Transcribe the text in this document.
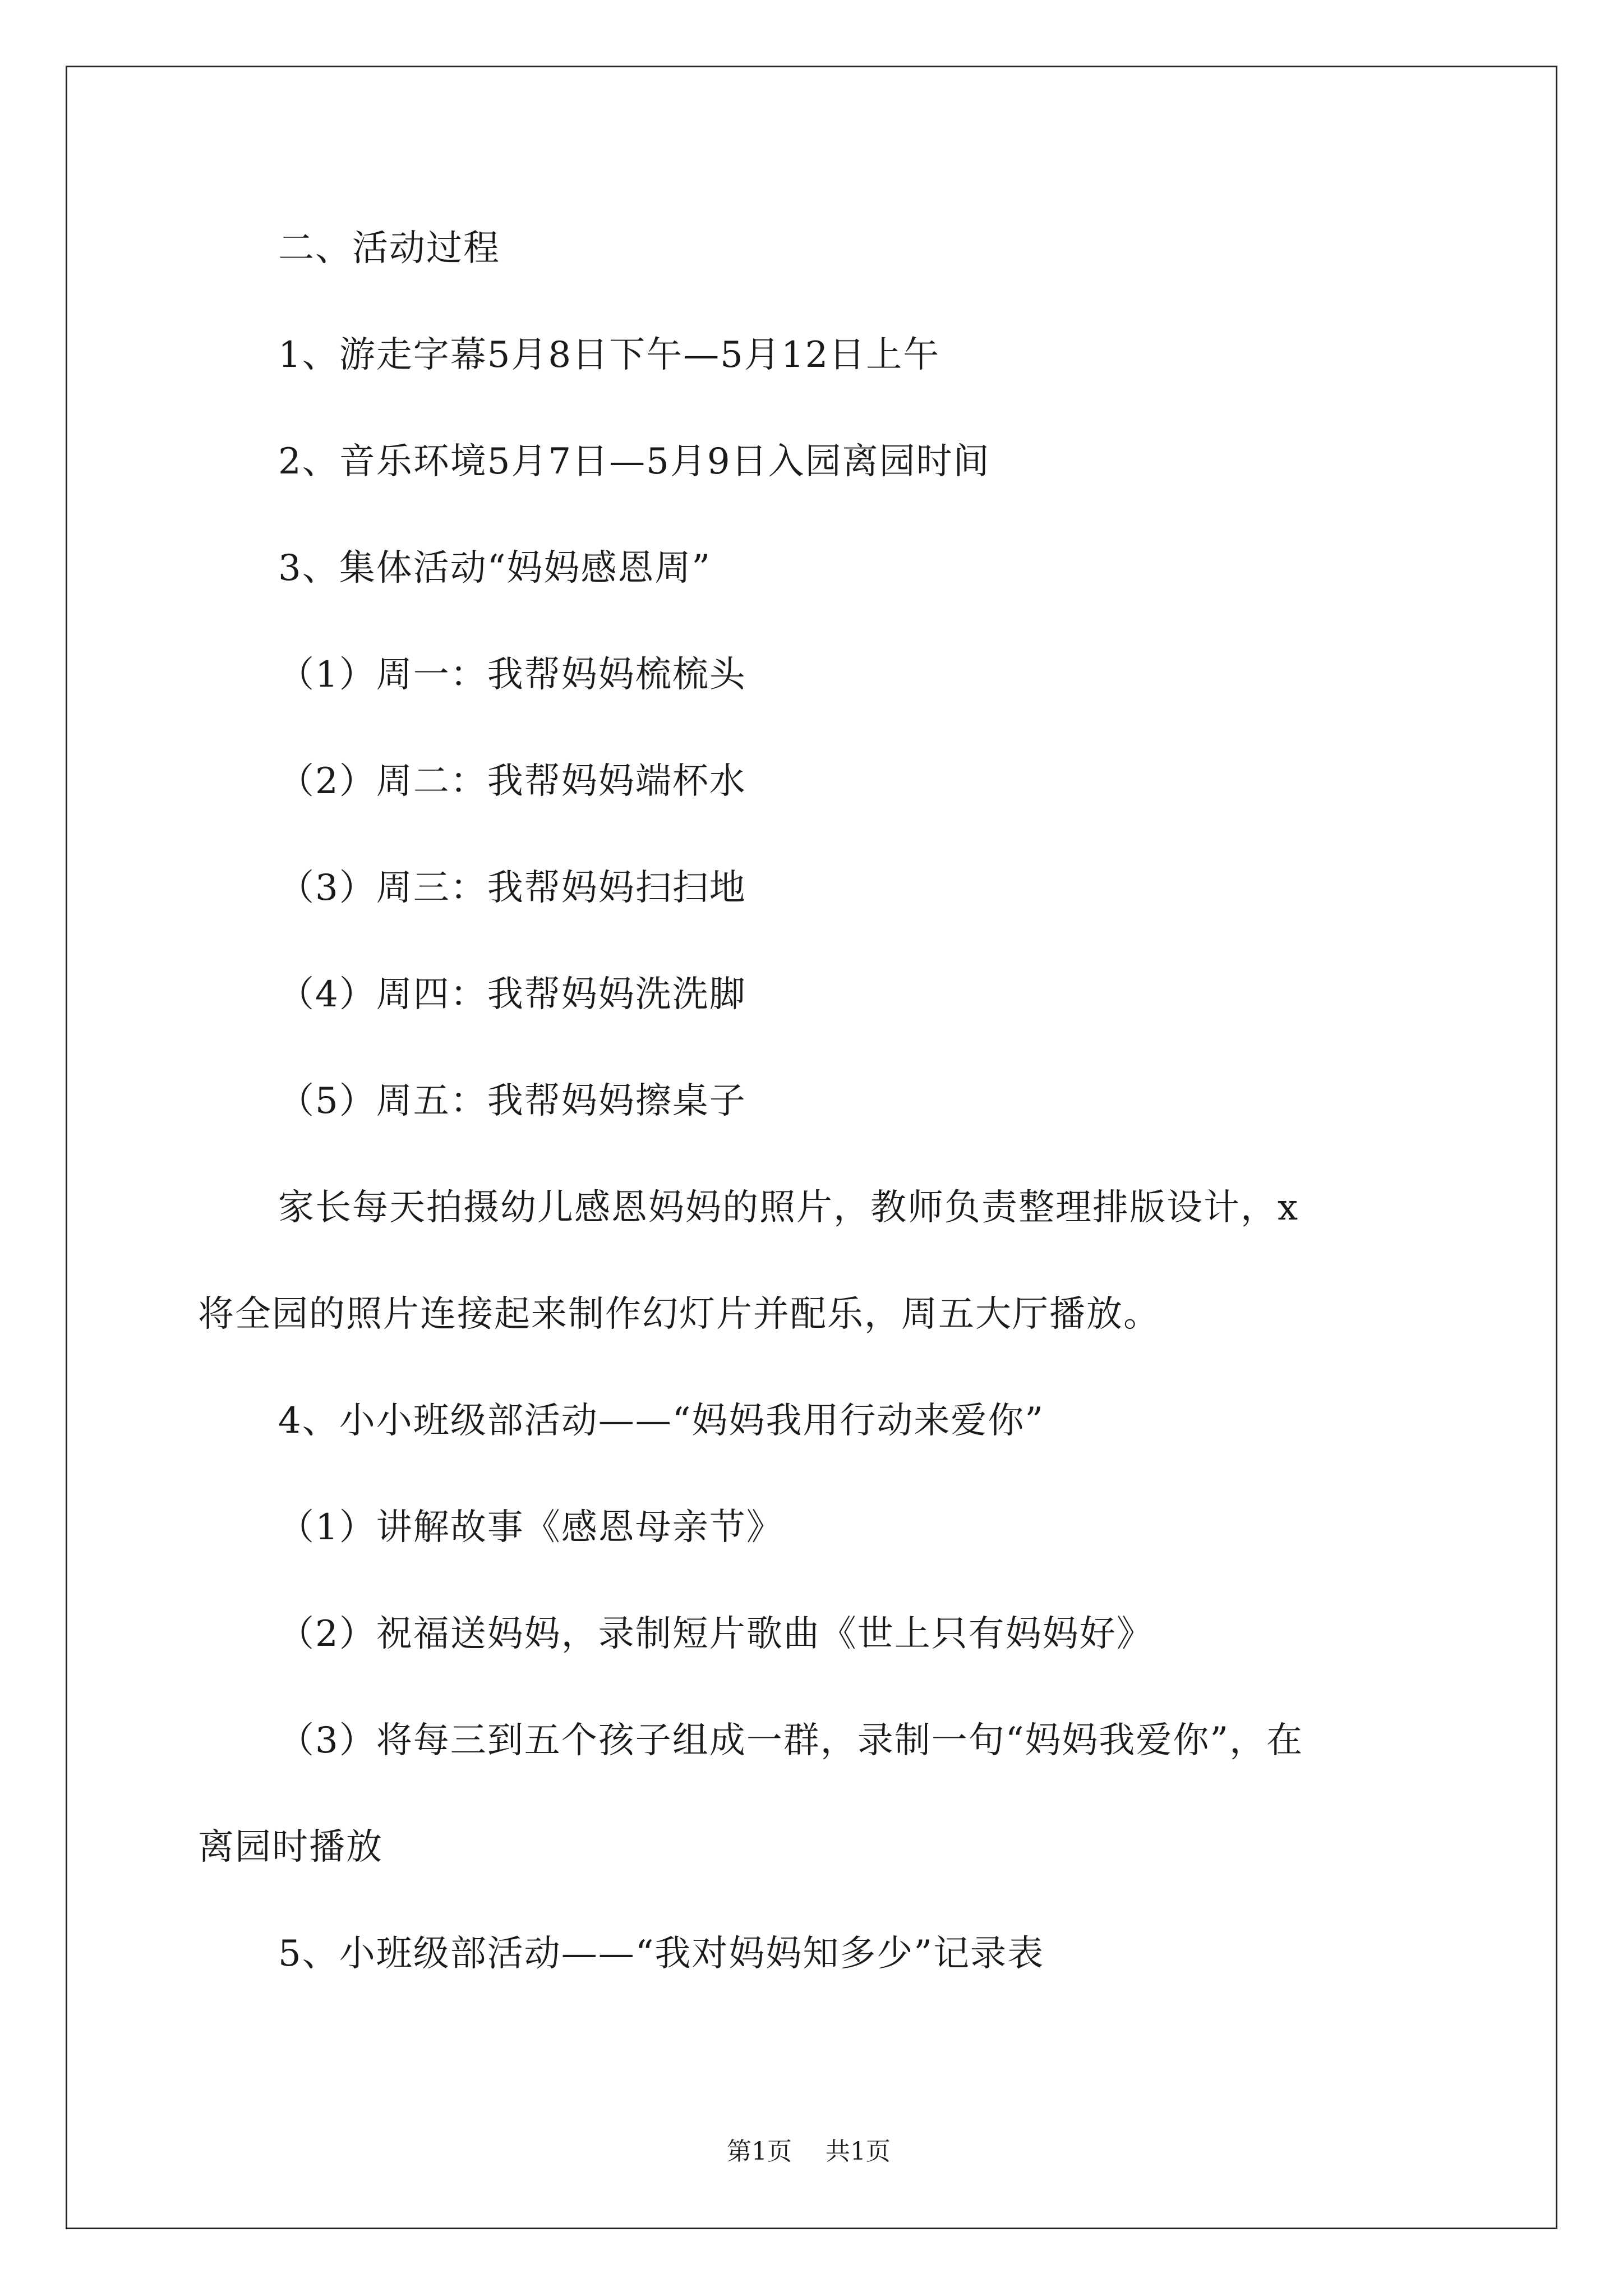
二、活动过程
1、游走字幕5月8日下午—5月12日上午
2、音乐环境5月7日—5月9日入园离园时间
3、集体活动“妈妈感恩周”
（1）周一：我帮妈妈梳梳头
（2）周二：我帮妈妈端杯水
（3）周三：我帮妈妈扫扫地
（4）周四：我帮妈妈洗洗脚
（5）周五：我帮妈妈擦桌子
家长每天拍摄幼儿感恩妈妈的照片，教师负责整理排版设计，x
将全园的照片连接起来制作幻灯片并配乐，周五大厅播放。
4、小小班级部活动——“妈妈我用行动来爱你”
（1）讲解故事《感恩母亲节》
（2）祝福送妈妈，录制短片歌曲《世上只有妈妈好》
（3）将每三到五个孩子组成一群，录制一句“妈妈我爱你”，在
离园时播放
5、小班级部活动——“我对妈妈知多少”记录表
第1页 共1页
